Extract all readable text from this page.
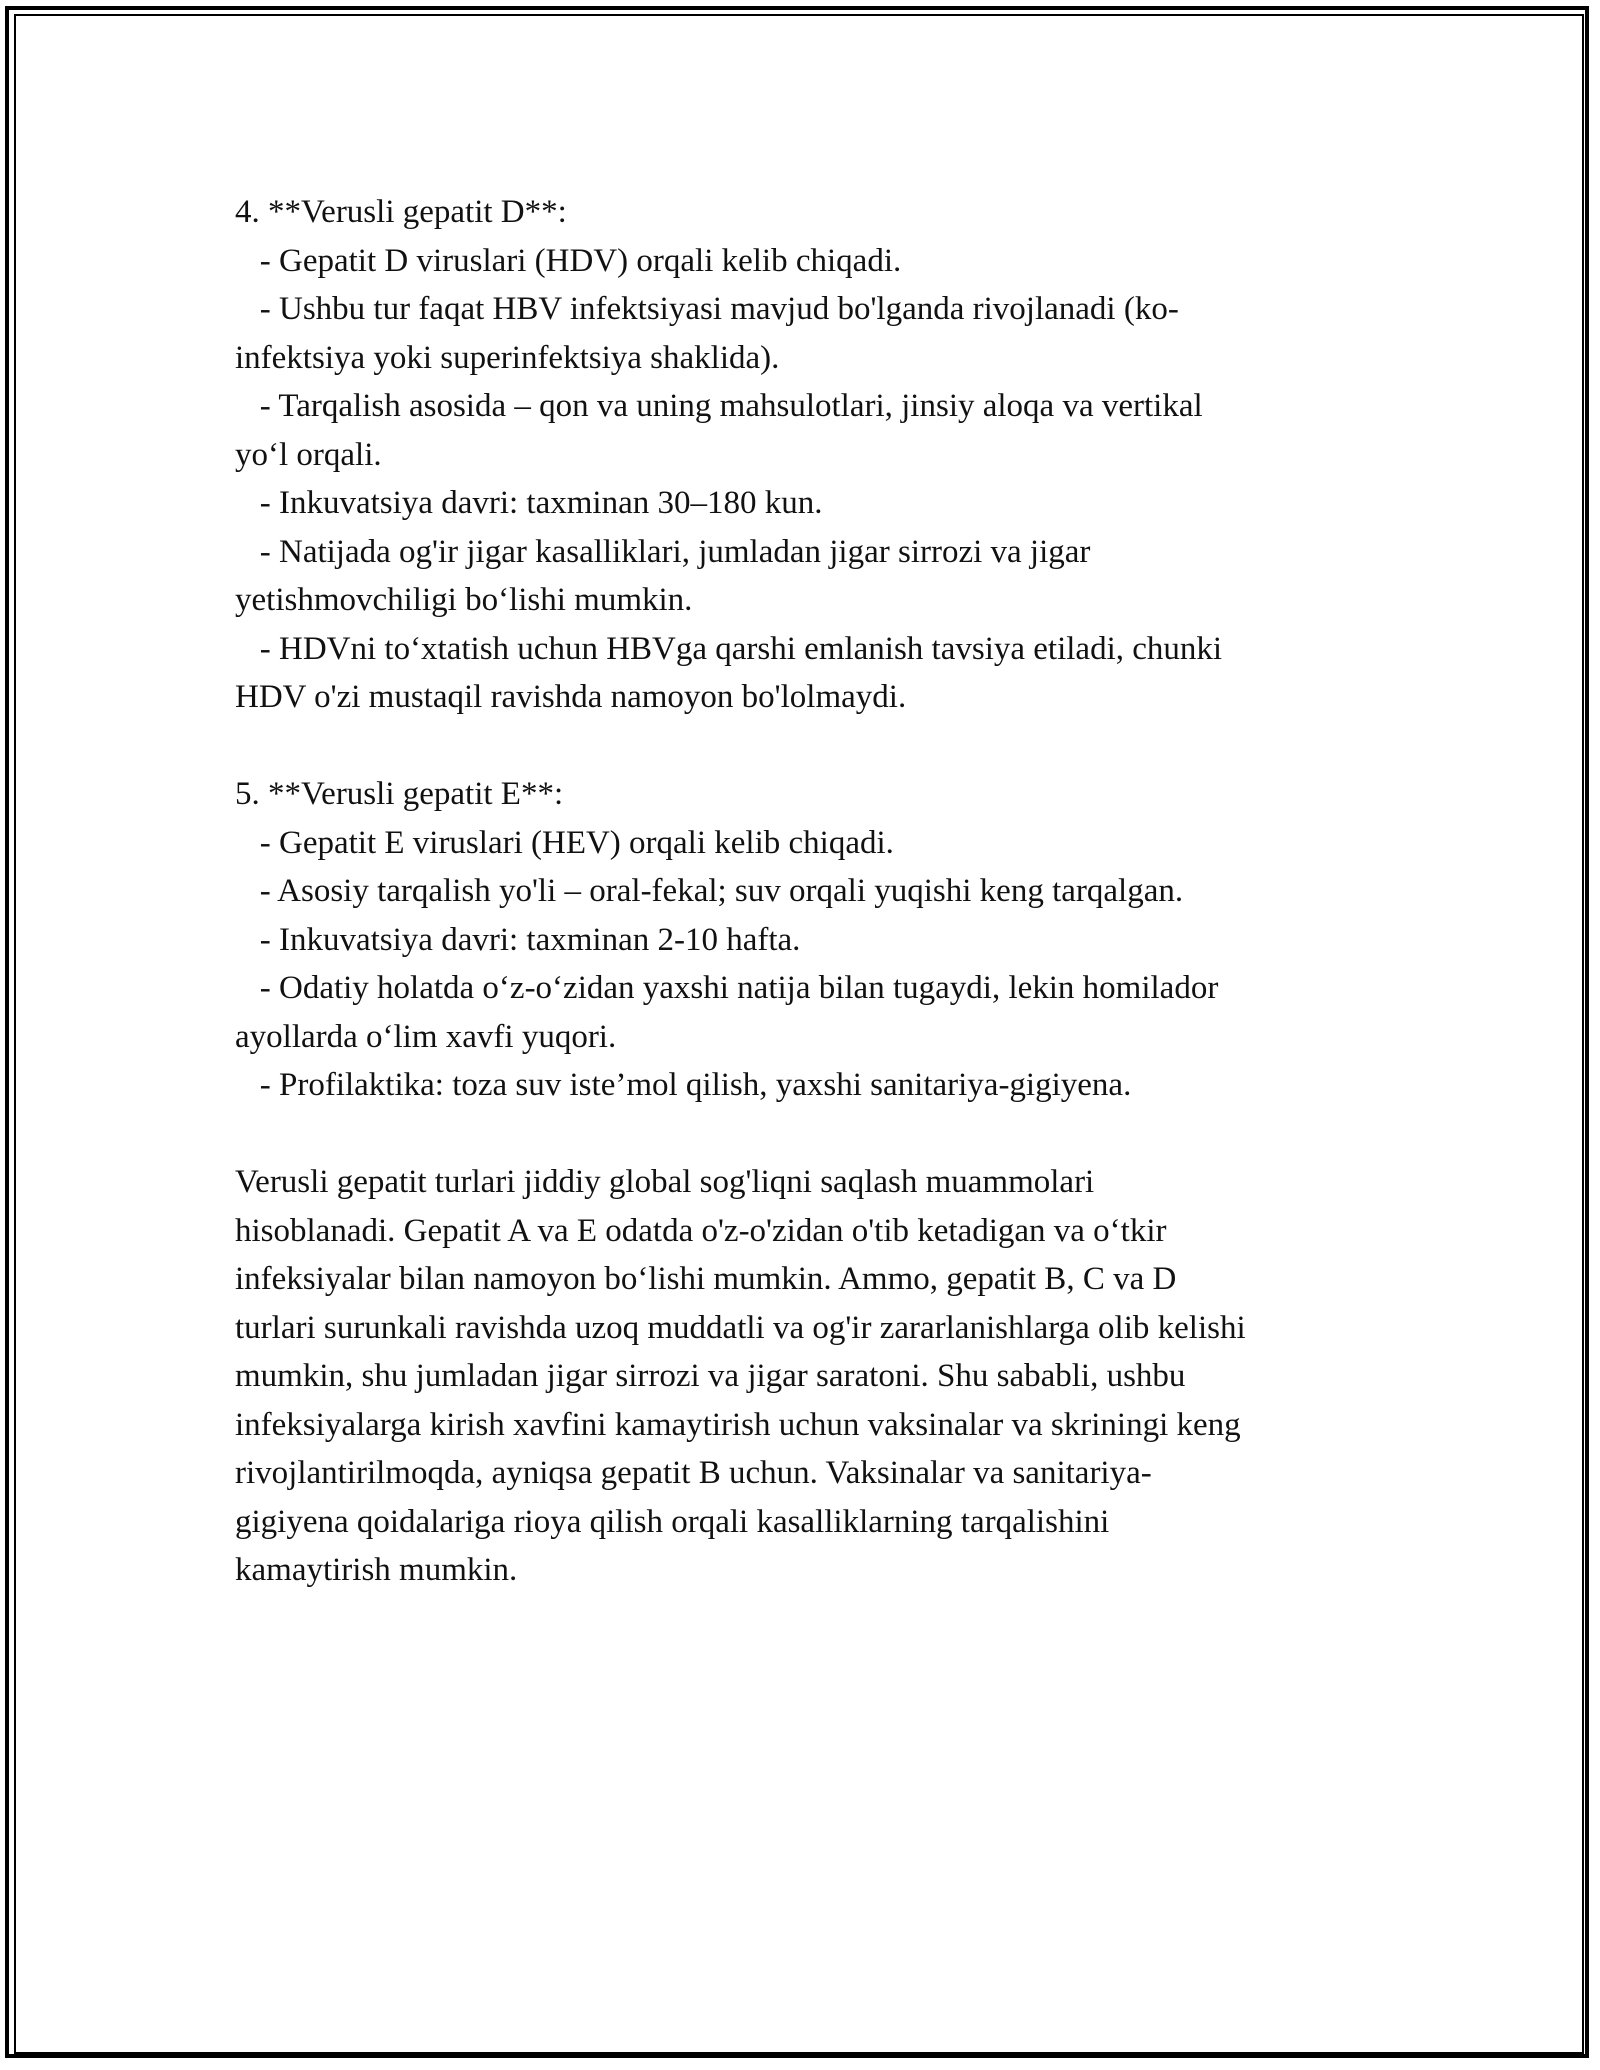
4. **Verusli gepatit D**:
- Gepatit D viruslari (HDV) orqali kelib chiqadi.
- Ushbu tur faqat HBV infektsiyasi mavjud bo'lganda rivojlanadi (ko-
infektsiya yoki superinfektsiya shaklida).
- Tarqalish asosida – qon va uning mahsulotlari, jinsiy aloqa va vertikal
yo‘l orqali.
- Inkuvatsiya davri: taxminan 30–180 kun.
- Natijada og'ir jigar kasalliklari, jumladan jigar sirrozi va jigar
yetishmovchiligi bo‘lishi mumkin.
- HDVni to‘xtatish uchun HBVga qarshi emlanish tavsiya etiladi, chunki
HDV o'zi mustaqil ravishda namoyon bo'lolmaydi.
5. **Verusli gepatit E**:
- Gepatit E viruslari (HEV) orqali kelib chiqadi.
- Asosiy tarqalish yo'li – oral-fekal; suv orqali yuqishi keng tarqalgan.
- Inkuvatsiya davri: taxminan 2-10 hafta.
- Odatiy holatda o‘z-o‘zidan yaxshi natija bilan tugaydi, lekin homilador
ayollarda o‘lim xavfi yuqori.
- Profilaktika: toza suv iste’mol qilish, yaxshi sanitariya-gigiyena.
Verusli gepatit turlari jiddiy global sog'liqni saqlash muammolari
hisoblanadi. Gepatit A va E odatda o'z-o'zidan o'tib ketadigan va o‘tkir
infeksiyalar bilan namoyon bo‘lishi mumkin. Ammo, gepatit B, C va D
turlari surunkali ravishda uzoq muddatli va og'ir zararlanishlarga olib kelishi
mumkin, shu jumladan jigar sirrozi va jigar saratoni. Shu sababli, ushbu
infeksiyalarga kirish xavfini kamaytirish uchun vaksinalar va skriningi keng
rivojlantirilmoqda, ayniqsa gepatit B uchun. Vaksinalar va sanitariya-
gigiyena qoidalariga rioya qilish orqali kasalliklarning tarqalishini
kamaytirish mumkin.
